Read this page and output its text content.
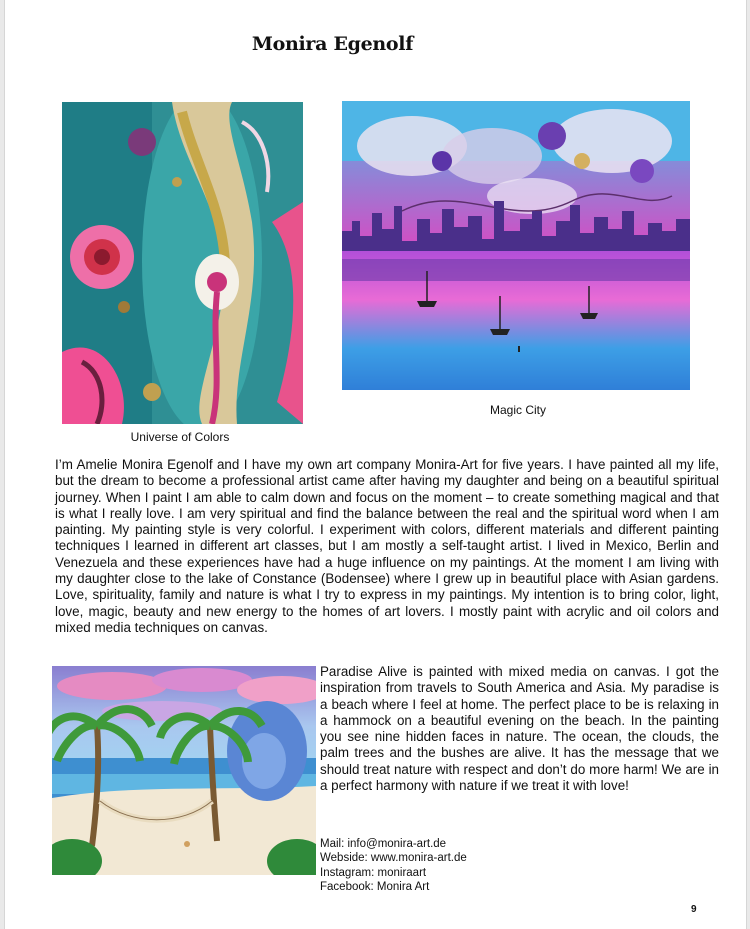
Monira Egenolf
Universe of Colors
Magic City

I’m Amelie Monira Egenolf and I have my own art company Monira-Art for five years. I have painted all my life, but the dream to become a professional artist came after having my daughter and being on a beautiful spiritual journey. When I paint I am able to calm down and focus on the moment – to create something magical and that is what I really love. I am very spiritual and find the balance between the real and the spiritual word when I am painting. My painting style is very colorful. I experiment with colors, different materials and different painting techniques I learned in different art classes, but I am mostly a self-taught artist. I lived in Mexico, Berlin and Venezuela and these experiences have had a huge influence on my paintings. At the moment I am living with my daughter close to the lake of Constance (Bodensee) where I grew up in beautiful place with Asian gardens. Love, spirituality, family and nature is what I try to express in my paintings. My intention is to bring color, light, love, magic, beauty and new energy to the homes of art lovers. I mostly paint with acrylic and oil colors and mixed media techniques on canvas.

Paradise Alive is painted with mixed media on canvas. I got the inspiration from travels to South America and Asia. My paradise is a beach where I feel at home. The perfect place to be is relaxing in a hammock on a beautiful evening on the beach. In the painting you see nine hidden faces in nature. The ocean, the clouds, the palm trees and the bushes are alive. It has the message that we should treat nature with respect and don’t do more harm! We are in a perfect harmony with nature if we treat it with love!

Mail: info@monira-art.de
Webside: www.monira-art.de
Instagram: moniraart
Facebook: Monira Art
9
